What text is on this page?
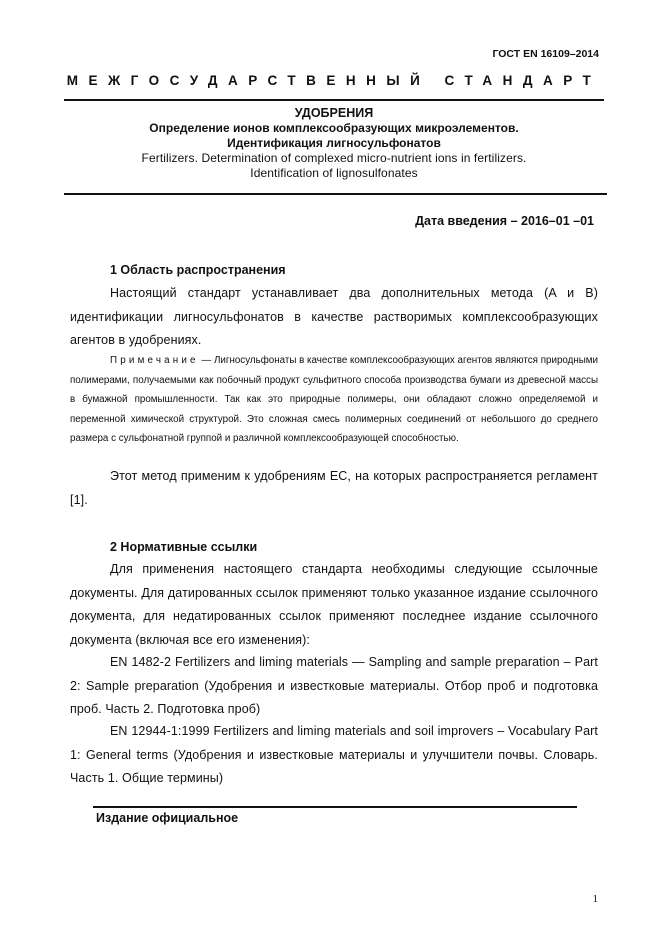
ГОСТ EN 16109–2014
МЕЖГОСУДАРСТВЕННЫЙ СТАНДАРТ
УДОБРЕНИЯ
Определение ионов комплексообразующих микроэлементов.
Идентификация лигносульфонатов
Fertilizers. Determination of complexed micro-nutrient ions in fertilizers.
Identification of lignosulfonates
Дата введения – 2016–01 –01
1 Область распространения

Настоящий стандарт устанавливает два дополнительных метода (A и B) идентификации лигносульфонатов в качестве растворимых комплексообразующих агентов в удобрениях.

Примечание — Лигносульфонаты в качестве комплексообразующих агентов являются природными полимерами, получаемыми как побочный продукт сульфитного способа производства бумаги из древесной массы в бумажной промышленности. Так как это природные полимеры, они обладают сложно определяемой и переменной химической структурой. Это сложная смесь полимерных соединений от небольшого до среднего размера с сульфонатной группой и различной комплексообразующей способностью.

Этот метод применим к удобрениям ЕС, на которых распространяется регламент [1].

2 Нормативные ссылки

Для применения настоящего стандарта необходимы следующие ссылочные документы. Для датированных ссылок применяют только указанное издание ссылочного документа, для недатированных ссылок применяют последнее издание ссылочного документа (включая все его изменения):

EN 1482-2 Fertilizers and liming materials — Sampling and sample preparation – Part 2: Sample preparation (Удобрения и известковые материалы. Отбор проб и подготовка проб. Часть 2. Подготовка проб)

EN 12944-1:1999 Fertilizers and liming materials and soil improvers – Vocabulary Part 1: General terms (Удобрения и известковые материалы и улучшители почвы. Словарь. Часть 1. Общие термины)

Издание официальное
1
